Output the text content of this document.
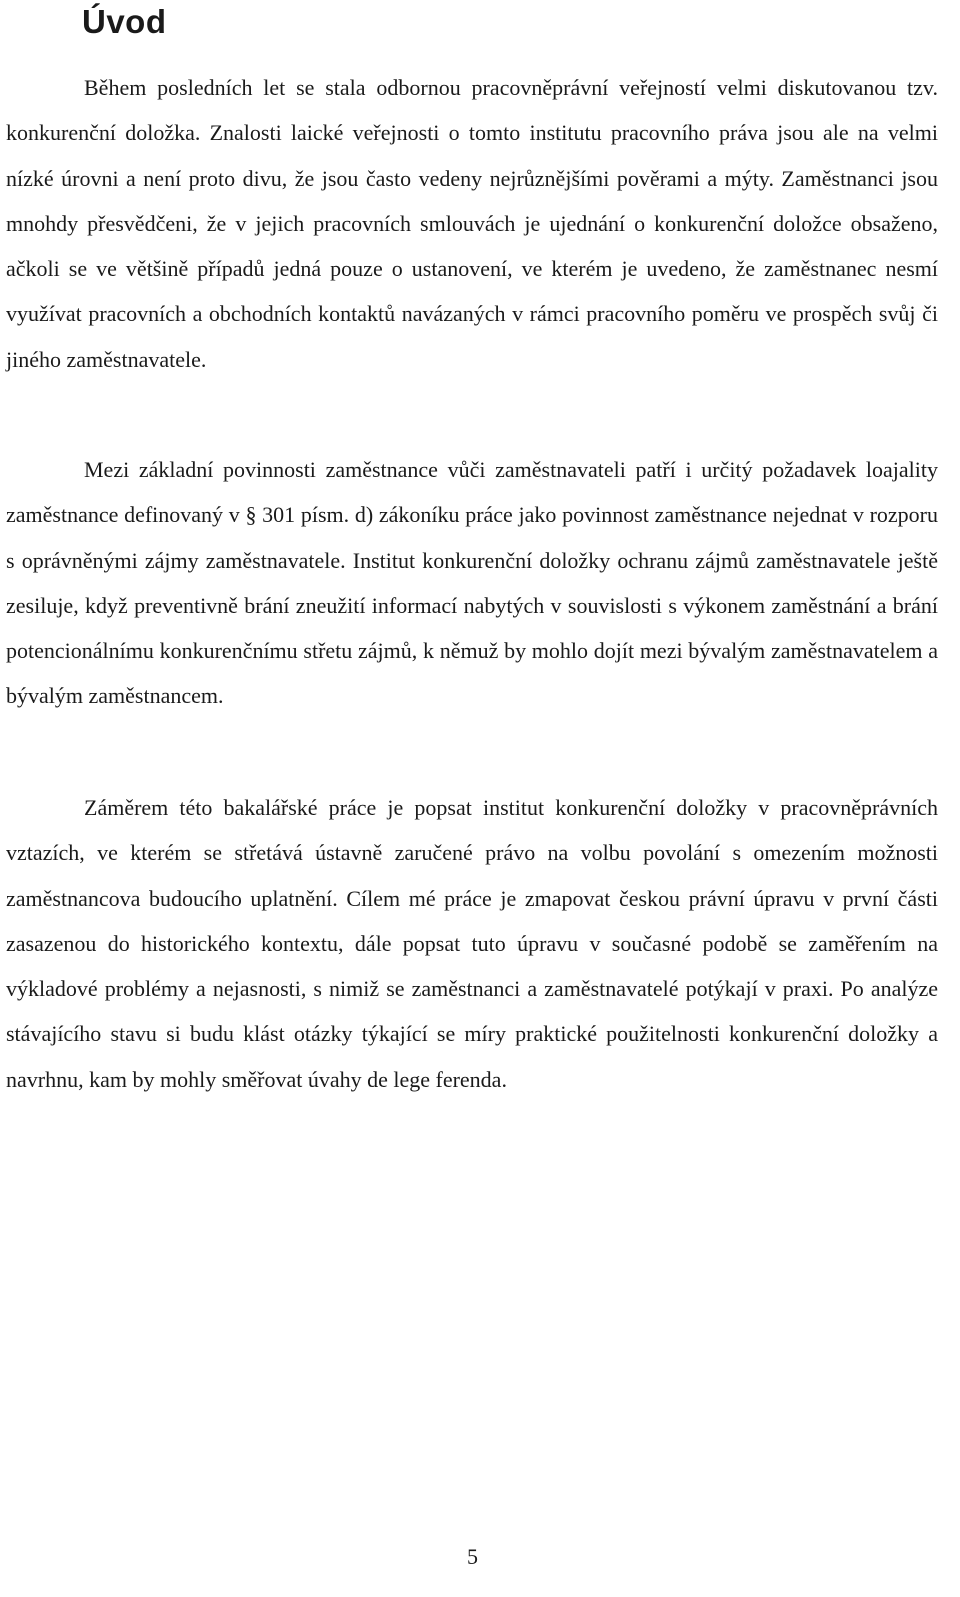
Úvod

Během posledních let se stala odbornou pracovněprávní veřejností velmi diskutovanou tzv. konkurenční doložka. Znalosti laické veřejnosti o tomto institutu pracovního práva jsou ale na velmi nízké úrovni a není proto divu, že jsou často vedeny nejrůznějšími pověrami a mýty. Zaměstnanci jsou mnohdy přesvědčeni, že v jejich pracovních smlouvách je ujednání o konkurenční doložce obsaženo, ačkoli se ve většině případů jedná pouze o ustanovení, ve kterém je uvedeno, že zaměstnanec nesmí využívat pracovních a obchodních kontaktů navázaných v rámci pracovního poměru ve prospěch svůj či jiného zaměstnavatele.

Mezi základní povinnosti zaměstnance vůči zaměstnavateli patří i určitý požadavek loajality zaměstnance definovaný v § 301 písm. d) zákoníku práce jako povinnost zaměstnance nejednat v rozporu s oprávněnými zájmy zaměstnavatele. Institut konkurenční doložky ochranu zájmů zaměstnavatele ještě zesiluje, když preventivně brání zneužití informací nabytých v souvislosti s výkonem zaměstnání a brání potencionálnímu konkurenčnímu střetu zájmů, k němuž by mohlo dojít mezi bývalým zaměstnavatelem a bývalým zaměstnancem.

Záměrem této bakalářské práce je popsat institut konkurenční doložky v pracovněprávních vztazích, ve kterém se střetává ústavně zaručené právo na volbu povolání s omezením možnosti zaměstnancova budoucího uplatnění. Cílem mé práce je zmapovat českou právní úpravu v první části zasazenou do historického kontextu, dále popsat tuto úpravu v současné podobě se zaměřením na výkladové problémy a nejasnosti, s nimiž se zaměstnanci a zaměstnavatelé potýkají v praxi. Po analýze stávajícího stavu si budu klást otázky týkající se míry praktické použitelnosti konkurenční doložky a navrhnu, kam by mohly směřovat úvahy de lege ferenda.

5
